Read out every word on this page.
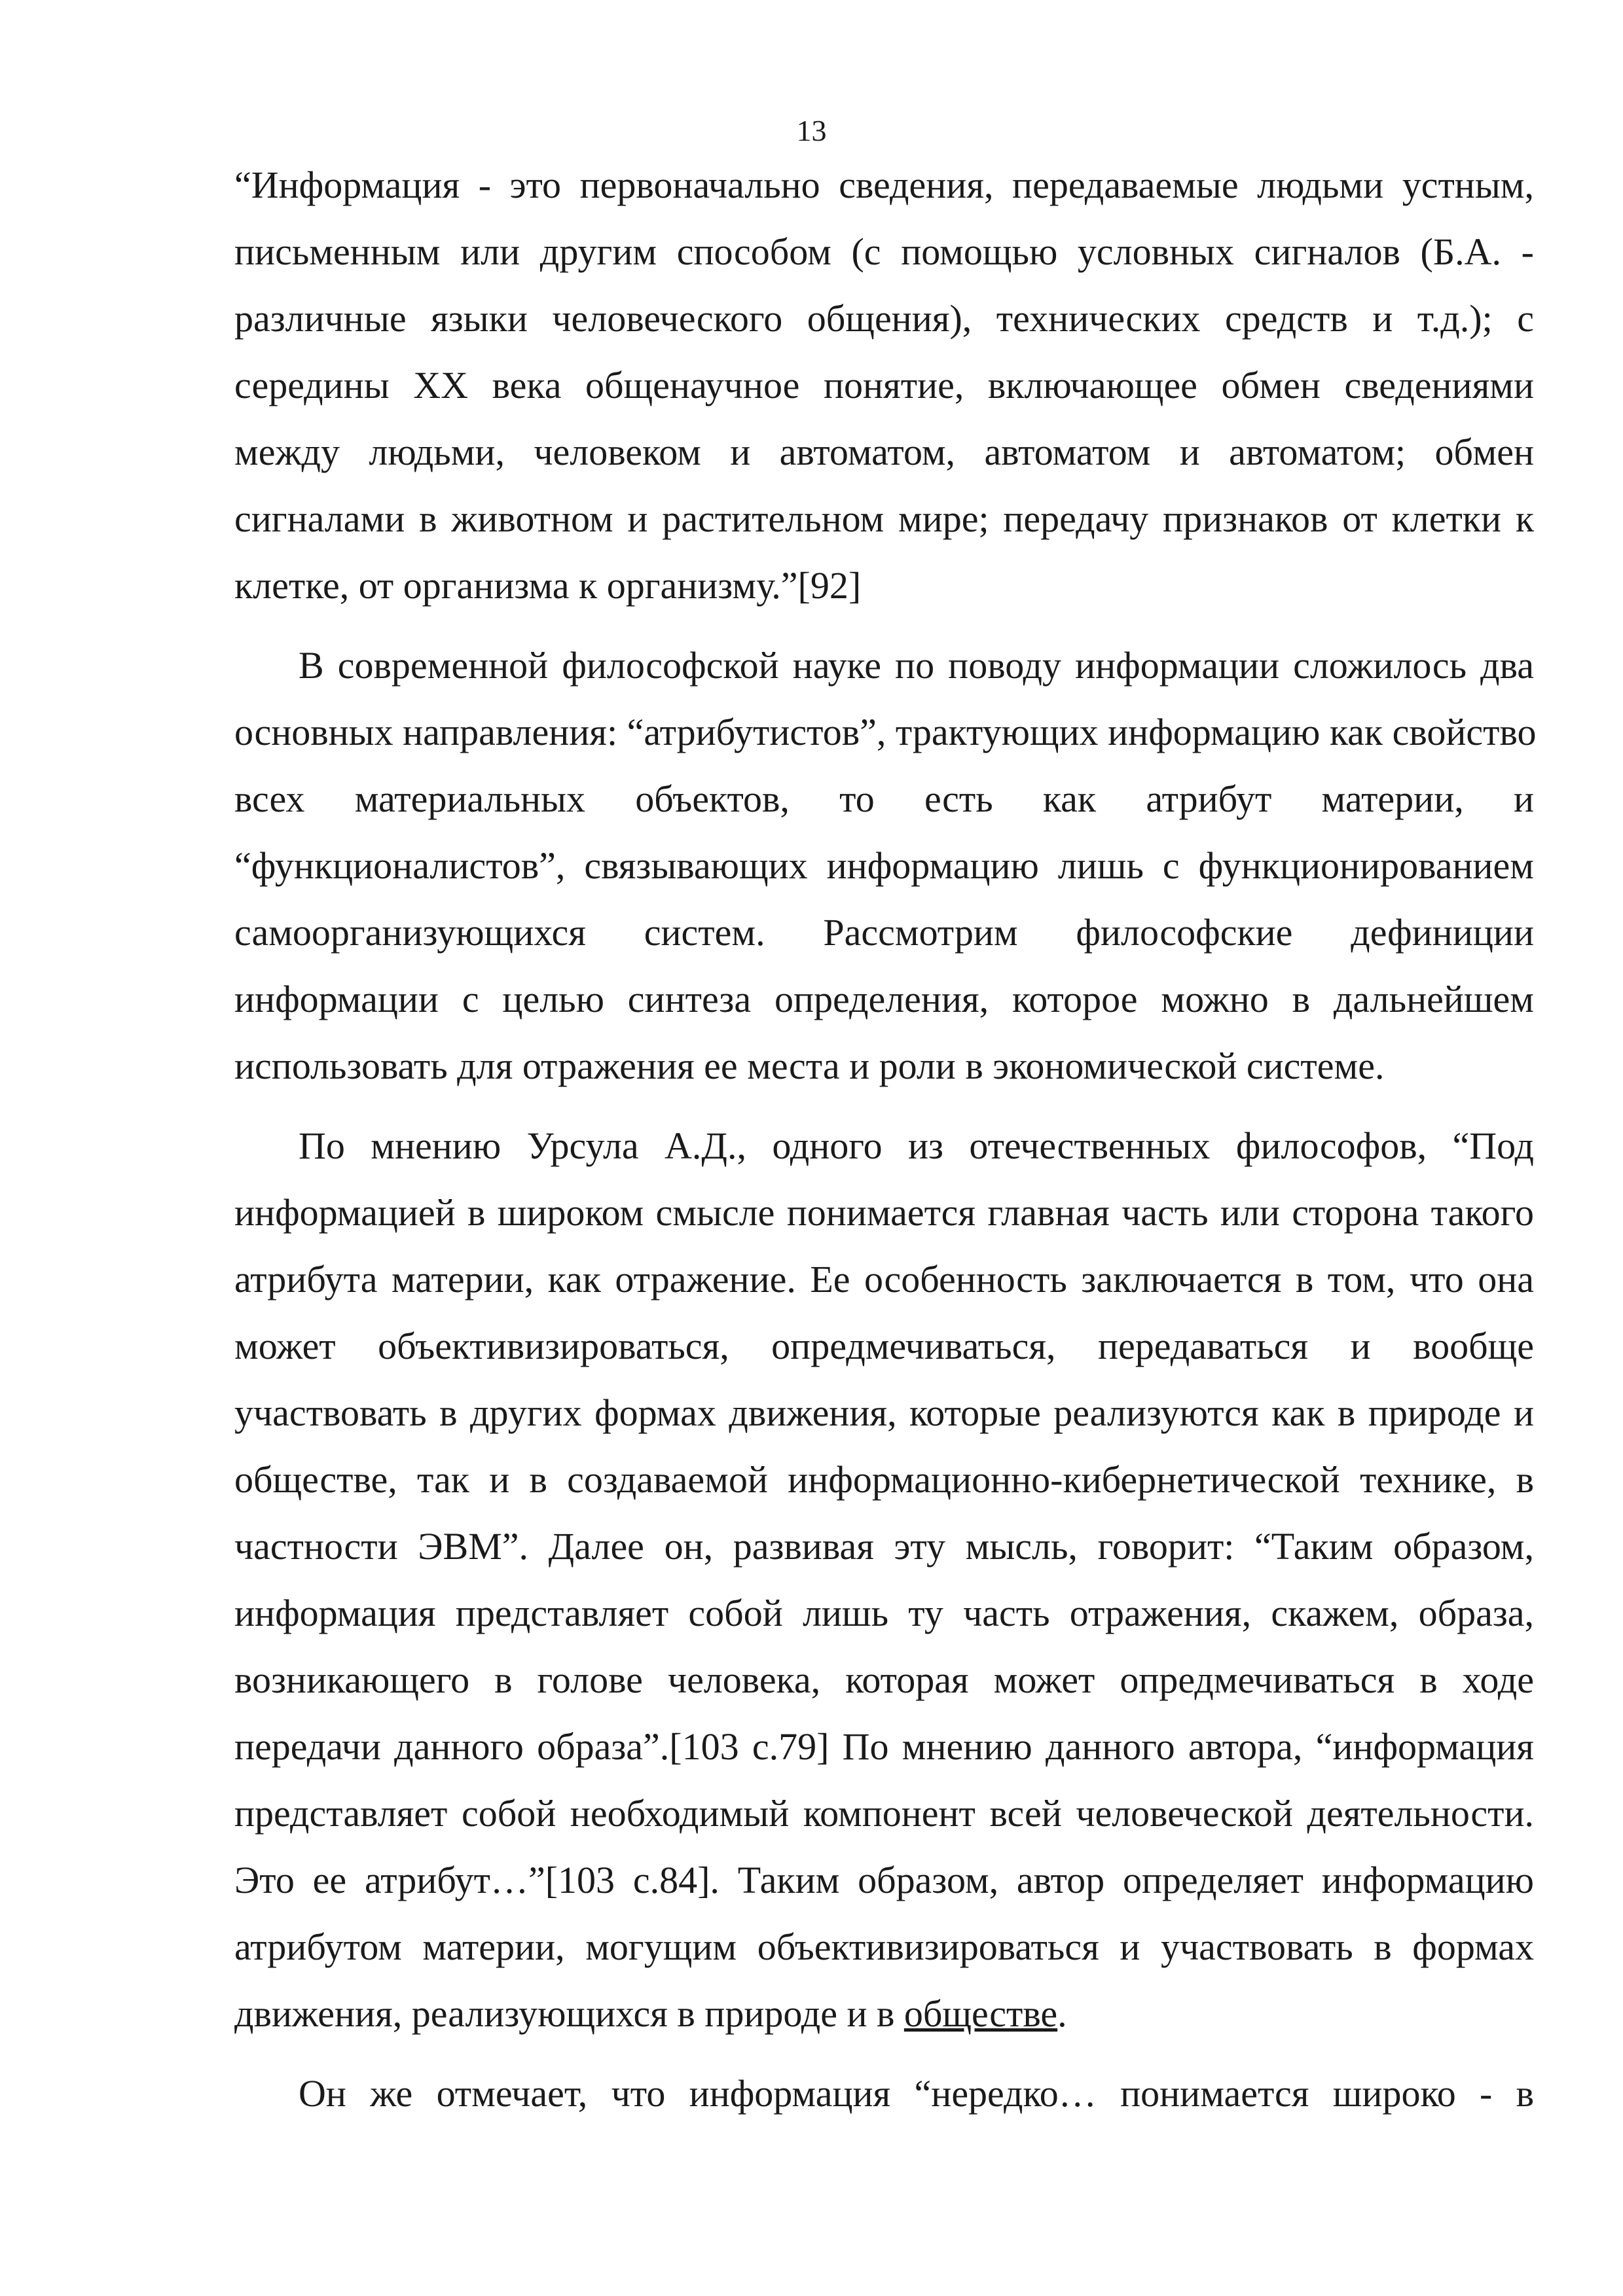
13
“Информация - это первоначально сведения, передаваемые людьми устным,
письменным или другим способом (с помощью условных сигналов (Б.А. -
различные языки человеческого общения), технических средств и т.д.); с
середины XX века общенаучное понятие, включающее обмен сведениями
между людьми, человеком и автоматом, автоматом и автоматом; обмен
сигналами в животном и растительном мире; передачу признаков от клетки к
клетке, от организма к организму.”[92]
В современной философской науке по поводу информации сложилось два
основных направления: “атрибутистов”, трактующих информацию как свойство
всех материальных объектов, то есть как атрибут материи, и
“функционалистов”, связывающих информацию лишь с функционированием
самоорганизующихся систем. Рассмотрим философские дефиниции
информации с целью синтеза определения, которое можно в дальнейшем
использовать для отражения ее места и роли в экономической системе.
По мнению Урсула А.Д., одного из отечественных философов, “Под
информацией в широком смысле понимается главная часть или сторона такого
атрибута материи, как отражение. Ее особенность заключается в том, что она
может объективизироваться, опредмечиваться, передаваться и вообще
участвовать в других формах движения, которые реализуются как в природе и
обществе, так и в создаваемой информационно-кибернетической технике, в
частности ЭВМ”. Далее он, развивая эту мысль, говорит: “Таким образом,
информация представляет собой лишь ту часть отражения, скажем, образа,
возникающего в голове человека, которая может опредмечиваться в ходе
передачи данного образа”.[103 с.79] По мнению данного автора, “информация
представляет собой необходимый компонент всей человеческой деятельности.
Это ее атрибут…”[103 с.84]. Таким образом, автор определяет информацию
атрибутом материи, могущим объективизироваться и участвовать в формах
движения, реализующихся в природе и в обществе.
Он же отмечает, что информация “нередко… понимается широко - в
